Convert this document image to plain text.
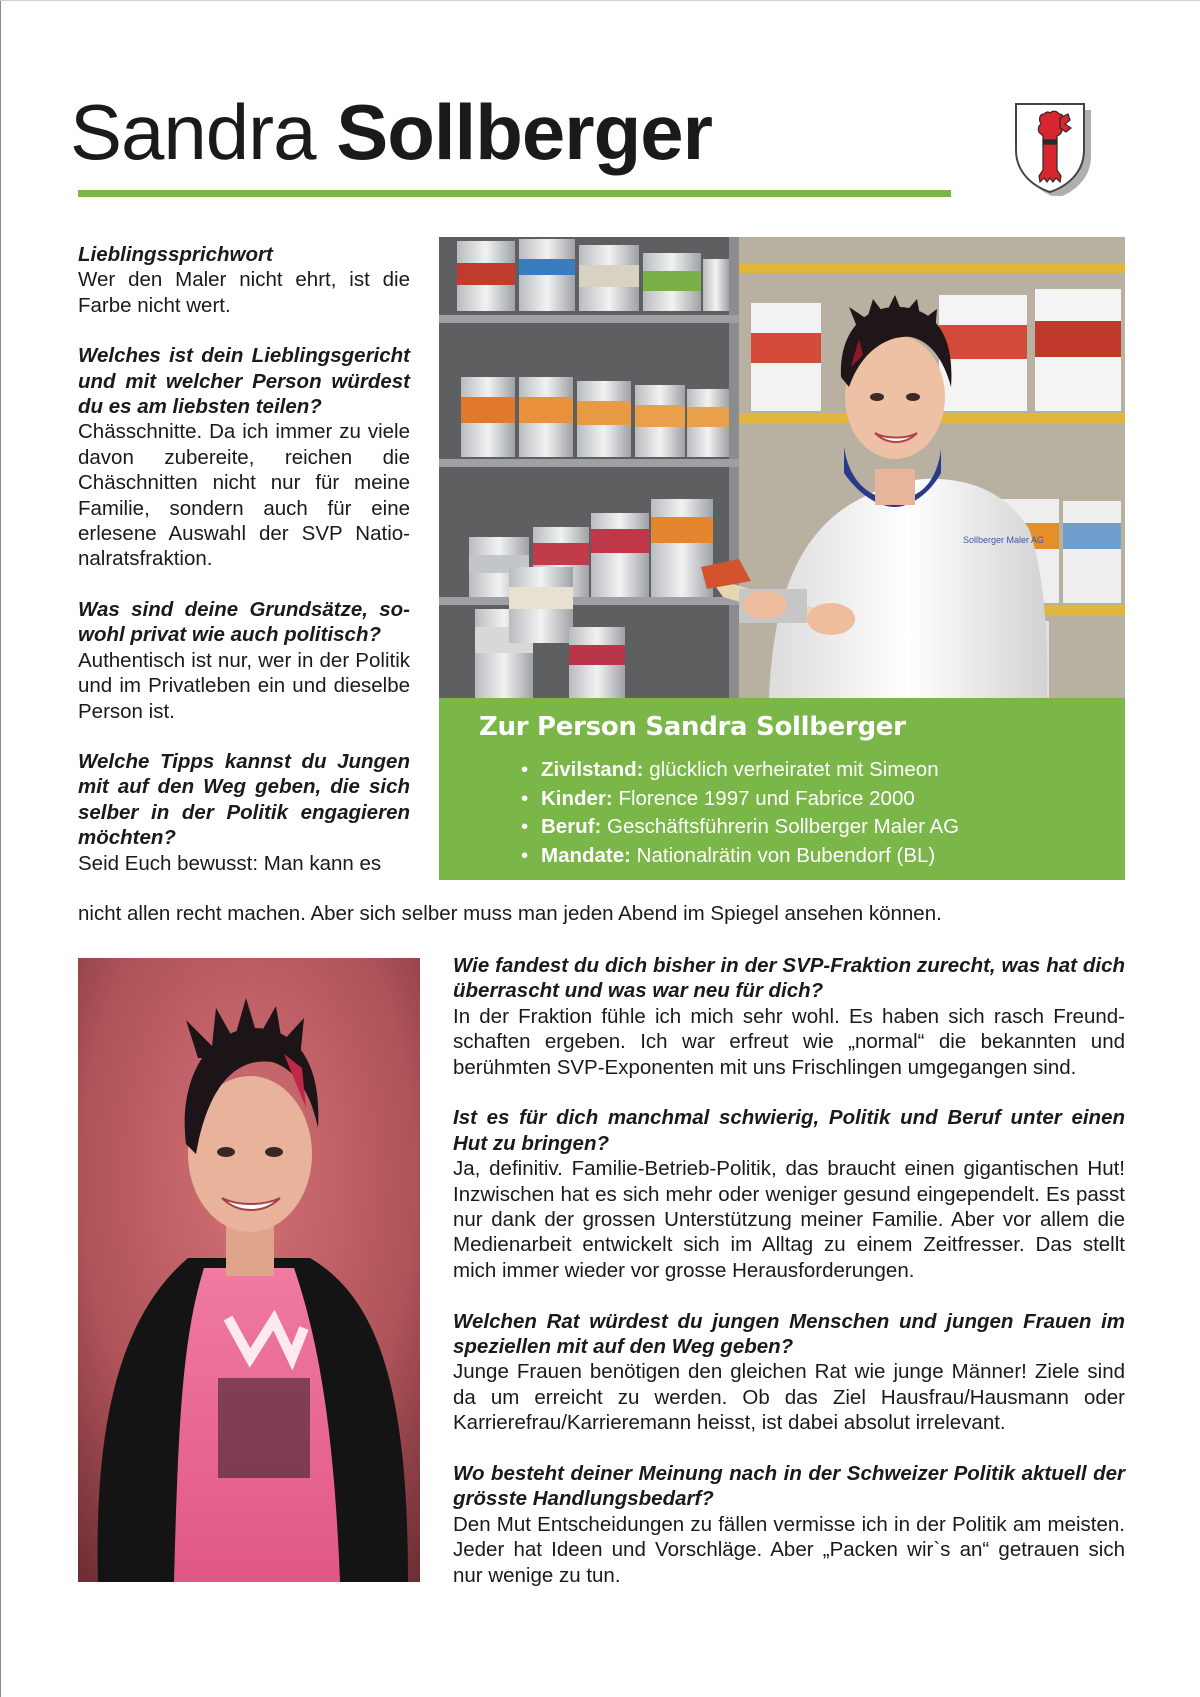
Sandra Sollberger

Lieblingssprichwort

Wer den Maler nicht ehrt, ist die Farbe nicht wert.

Welches ist dein Lieblingsgericht und mit welcher Person würdest du es am liebsten teilen?

Chässchnitte. Da ich immer zu viele davon zubereite, reichen die Chäschnitten nicht nur für meine Familie, sondern auch für eine erlesene Auswahl der SVP Nationalratsfraktion.

Was sind deine Grundsätze, sowohl privat wie auch politisch?

Authentisch ist nur, wer in der Politik und im Privatleben ein und dieselbe Person ist.

Welche Tipps kannst du Jungen mit auf den Weg geben, die sich selber in der Politik engagieren möchten?

Seid Euch bewusst: Man kann es

nicht allen recht machen. Aber sich selber muss man jeden Abend im Spiegel ansehen können.
Sollberger Maler AG
Zur Person Sandra Sollberger
• Zivilstand: glücklich verheiratet mit Simeon
• Kinder: Florence 1997 und Fabrice 2000
• Beruf: Geschäftsführerin Sollberger Maler AG
• Mandate: Nationalrätin von Bubendorf (BL)

Wie fandest du dich bisher in der SVP-Fraktion zurecht, was hat dich überrascht und was war neu für dich?

In der Fraktion fühle ich mich sehr wohl. Es haben sich rasch Freundschaften ergeben. Ich war erfreut wie „normal“ die bekannten und berühmten SVP-Exponenten mit uns Frischlingen umgegangen sind.

Ist es für dich manchmal schwierig, Politik und Beruf unter einen Hut zu bringen?

Ja, definitiv. Familie-Betrieb-Politik, das braucht einen gigantischen Hut! Inzwischen hat es sich mehr oder weniger gesund eingependelt. Es passt nur dank der grossen Unterstützung meiner Familie. Aber vor allem die Medienarbeit entwickelt sich im Alltag zu einem Zeitfresser. Das stellt mich immer wieder vor grosse Herausforderungen.

Welchen Rat würdest du jungen Menschen und jungen Frauen im speziellen mit auf den Weg geben?

Junge Frauen benötigen den gleichen Rat wie junge Männer! Ziele sind da um erreicht zu werden. Ob das Ziel Hausfrau/Hausmann oder Karrierefrau/Karrieremann heisst, ist dabei absolut irrelevant.

Wo besteht deiner Meinung nach in der Schweizer Politik aktuell der grösste Handlungsbedarf?

Den Mut Entscheidungen zu fällen vermisse ich in der Politik am meisten. Jeder hat Ideen und Vorschläge. Aber „Packen wir`s an“ getrauen sich nur wenige zu tun.
